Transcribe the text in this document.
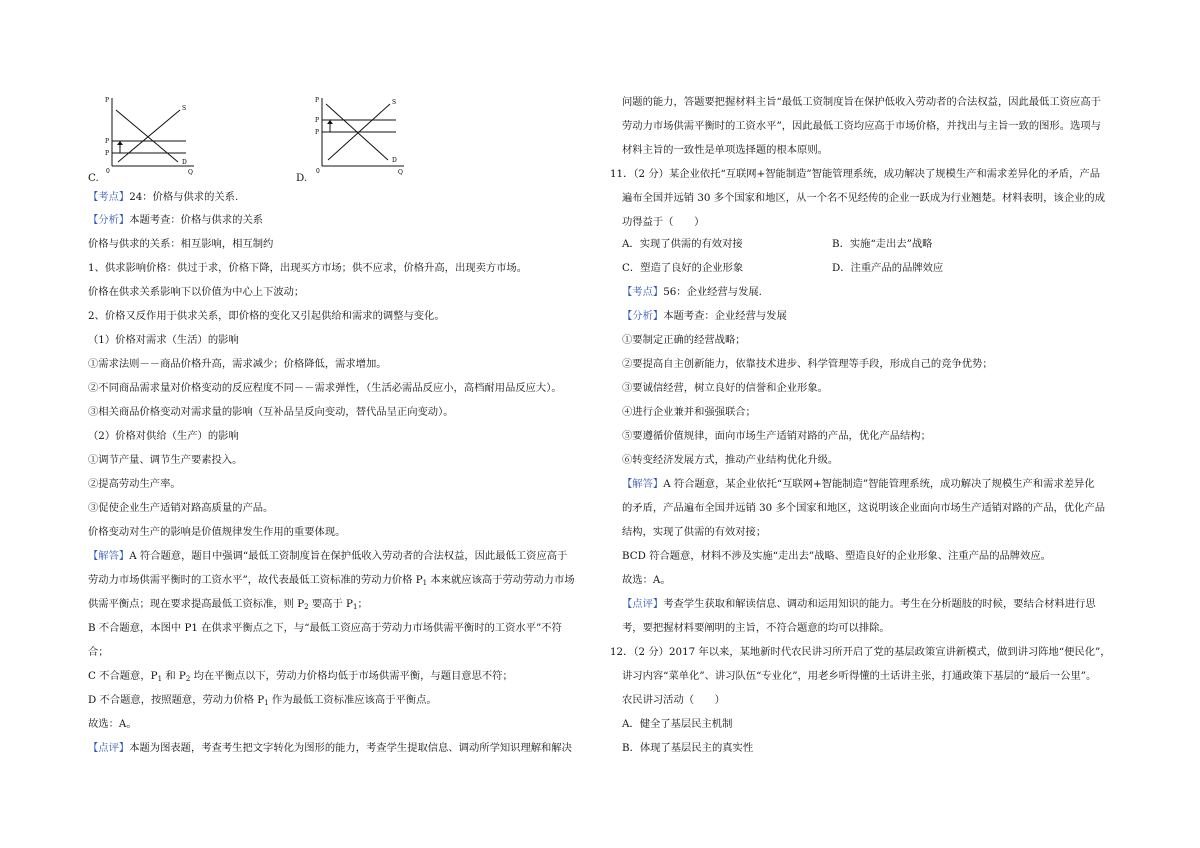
C.
P
P
P
S
D
0	Q	D.
P
P
P
S
D
0	Q
【考点】24：价格与供求的关系.
【分析】本题考查：价格与供求的关系
价格与供求的关系：相互影响，相互制约
1、供求影响价格：供过于求，价格下降，出现买方市场；供不应求，价格升高，出现卖方市场。
价格在供求关系影响下以价值为中心上下波动；
2、价格又反作用于供求关系，即价格的变化又引起供给和需求的调整与变化。
（1）价格对需求（生活）的影响
①需求法则－－商品价格升高，需求减少；价格降低，需求增加。
②不同商品需求量对价格变动的反应程度不同－－需求弹性，（生活必需品反应小，高档耐用品反应大）。
③相关商品价格变动对需求量的影响（互补品呈反向变动，替代品呈正向变动）。
（2）价格对供给（生产）的影响
①调节产量、调节生产要素投入。
②提高劳动生产率。
③促使企业生产适销对路高质量的产品。
价格变动对生产的影响是价值规律发生作用的重要体现。
【解答】A 符合题意，题目中强调“最低工资制度旨在保护低收入劳动者的合法权益，因此最低工资应高于
劳动力市场供需平衡时的工资水平”，故代表最低工资标准的劳动力价格 $P_1$ 本来就应该高于劳动劳动力市场
供需平衡点；现在要求提高最低工资标准，则 $P_2$ 要高于 $P_1$；
B 不合题意，本图中 P1 在供求平衡点之下，与“最低工资应高于劳动力市场供需平衡时的工资水平”不符
合；
C 不合题意，$P_1$ 和 $P_2$ 均在平衡点以下，劳动力价格均低于市场供需平衡，与题目意思不符；
D 不合题意，按照题意，劳动力价格 $P_1$ 作为最低工资标准应该高于平衡点。
故选：A。
【点评】本题为图表题，考查考生把文字转化为图形的能力，考查学生提取信息、调动所学知识理解和解决
问题的能力，答题要把握材料主旨“最低工资制度旨在保护低收入劳动者的合法权益，因此最低工资应高于
劳动力市场供需平衡时的工资水平”，因此最低工资均应高于市场价格，并找出与主旨一致的图形。选项与
材料主旨的一致性是单项选择题的根本原则。
11．（2 分）某企业依托“互联网+智能制造”智能管理系统，成功解决了规模生产和需求差异化的矛盾，产品
遍布全国并远销 30 多个国家和地区，从一个名不见经传的企业一跃成为行业翘楚。材料表明，该企业的成
功得益于（　　）
A．实现了供需的有效对接	B．实施“走出去”战略
C．塑造了良好的企业形象	D．注重产品的品牌效应
【考点】56：企业经营与发展.
【分析】本题考查：企业经营与发展
①要制定正确的经营战略；
②要提高自主创新能力，依靠技术进步、科学管理等手段，形成自己的竞争优势；
③要诚信经营，树立良好的信誉和企业形象。
④进行企业兼并和强强联合；
⑤要遵循价值规律，面向市场生产适销对路的产品，优化产品结构；
⑥转变经济发展方式，推动产业结构优化升级。
【解答】A 符合题意，某企业依托“互联网+智能制造”智能管理系统，成功解决了规模生产和需求差异化
的矛盾，产品遍布全国并远销 30 多个国家和地区，这说明该企业面向市场生产适销对路的产品，优化产品
结构，实现了供需的有效对接；
BCD 符合题意，材料不涉及实施“走出去”战略、塑造良好的企业形象、注重产品的品牌效应。
故选：A。
【点评】考查学生获取和解读信息、调动和运用知识的能力。考生在分析题肢的时候，要结合材料进行思
考，要把握材料要阐明的主旨，不符合题意的均可以排除。
12．（2 分）2017 年以来，某地新时代农民讲习所开启了党的基层政策宣讲新模式，做到讲习阵地“便民化”，
讲习内容“菜单化”、讲习队伍“专业化”，用老乡听得懂的土话讲主张，打通政策下基层的“最后一公里”。
农民讲习活动（　　）
A．健全了基层民主机制
B．体现了基层民主的真实性
